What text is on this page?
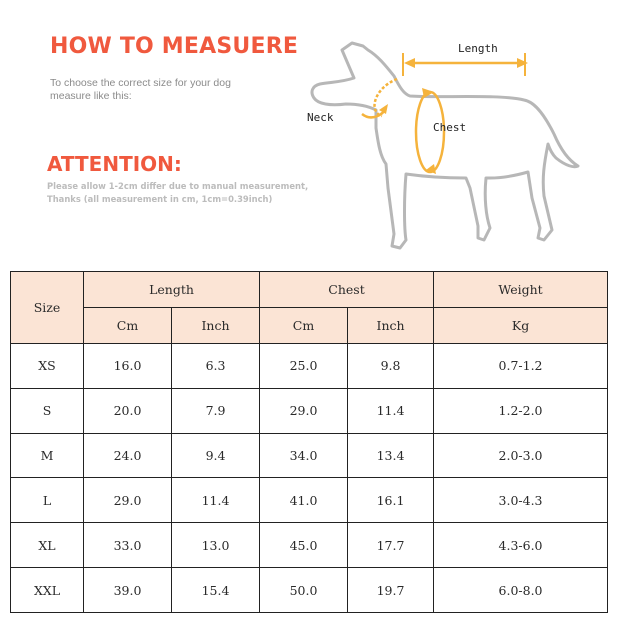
HOW TO MEASUERE

To choose the correct size for your dog
measure like this:

ATTENTION:

Please allow 1-2cm differ due to manual measurement,
Thanks (all measurement in cm, 1cm=0.39inch)

Length
Neck
Chest
Size	Length		Chest		Weight
	Cm	Inch	Cm	Inch	Kg
XS	16.0	6.3	25.0	9.8	0.7-1.2
S	20.0	7.9	29.0	11.4	1.2-2.0
M	24.0	9.4	34.0	13.4	2.0-3.0
L	29.0	11.4	41.0	16.1	3.0-4.3
XL	33.0	13.0	45.0	17.7	4.3-6.0
XXL	39.0	15.4	50.0	19.7	6.0-8.0
